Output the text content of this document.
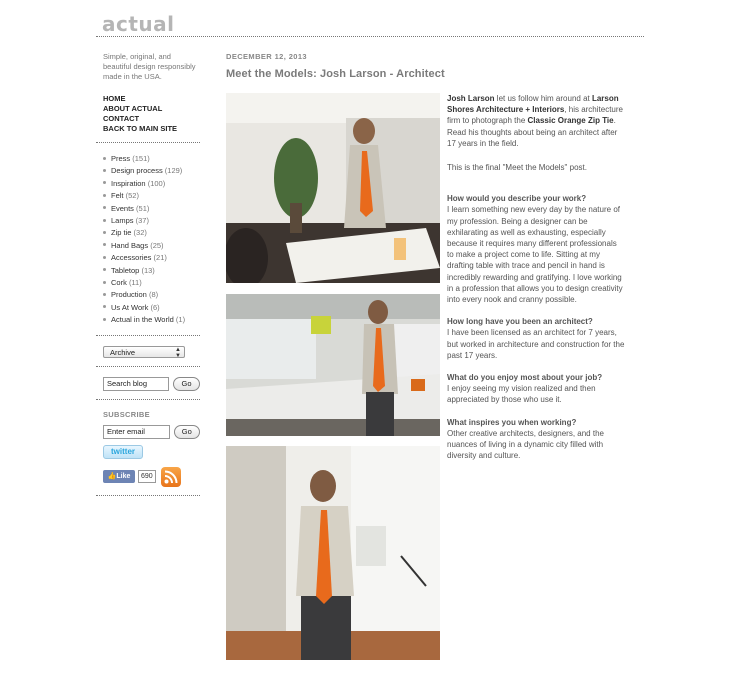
actual
Simple, original, and beautiful design responsibly made in the USA.
HOME
ABOUT ACTUAL
CONTACT
BACK TO MAIN SITE
Press (151)
Design process (129)
Inspiration (100)
Felt (52)
Events (51)
Lamps (37)
Zip tie (32)
Hand Bags (25)
Accessories (21)
Tabletop (13)
Cork (11)
Production (8)
Us At Work (6)
Actual in the World (1)
Archive	▲
▼
Search blog	Go
SUBSCRIBE
Enter email	Go
twitter
👍Like	690
DECEMBER 12, 2013
Meet the Models: Josh Larson - Architect

Josh Larson let us follow him around at Larson Shores Architecture + Interiors, his architecture firm to photograph the Classic Orange Zip Tie. Read his thoughts about being an architect after 17 years in the field.

This is the final "Meet the Models" post.

How would you describe your work?

I learn something new every day by the nature of my profession. Being a designer can be exhilarating as well as exhausting, especially because it requires many different professionals to make a project come to life. Sitting at my drafting table with trace and pencil in hand is incredibly rewarding and gratifying. I love working in a profession that allows you to design creativity into every nook and cranny possible.

How long have you been an architect?

I have been licensed as an architect for 7 years, but worked in architecture and construction for the past 17 years.

What do you enjoy most about your job?

I enjoy seeing my vision realized and then appreciated by those who use it.

What inspires you when working?

Other creative architects, designers, and the nuances of living in a dynamic city filled with diversity and culture.
